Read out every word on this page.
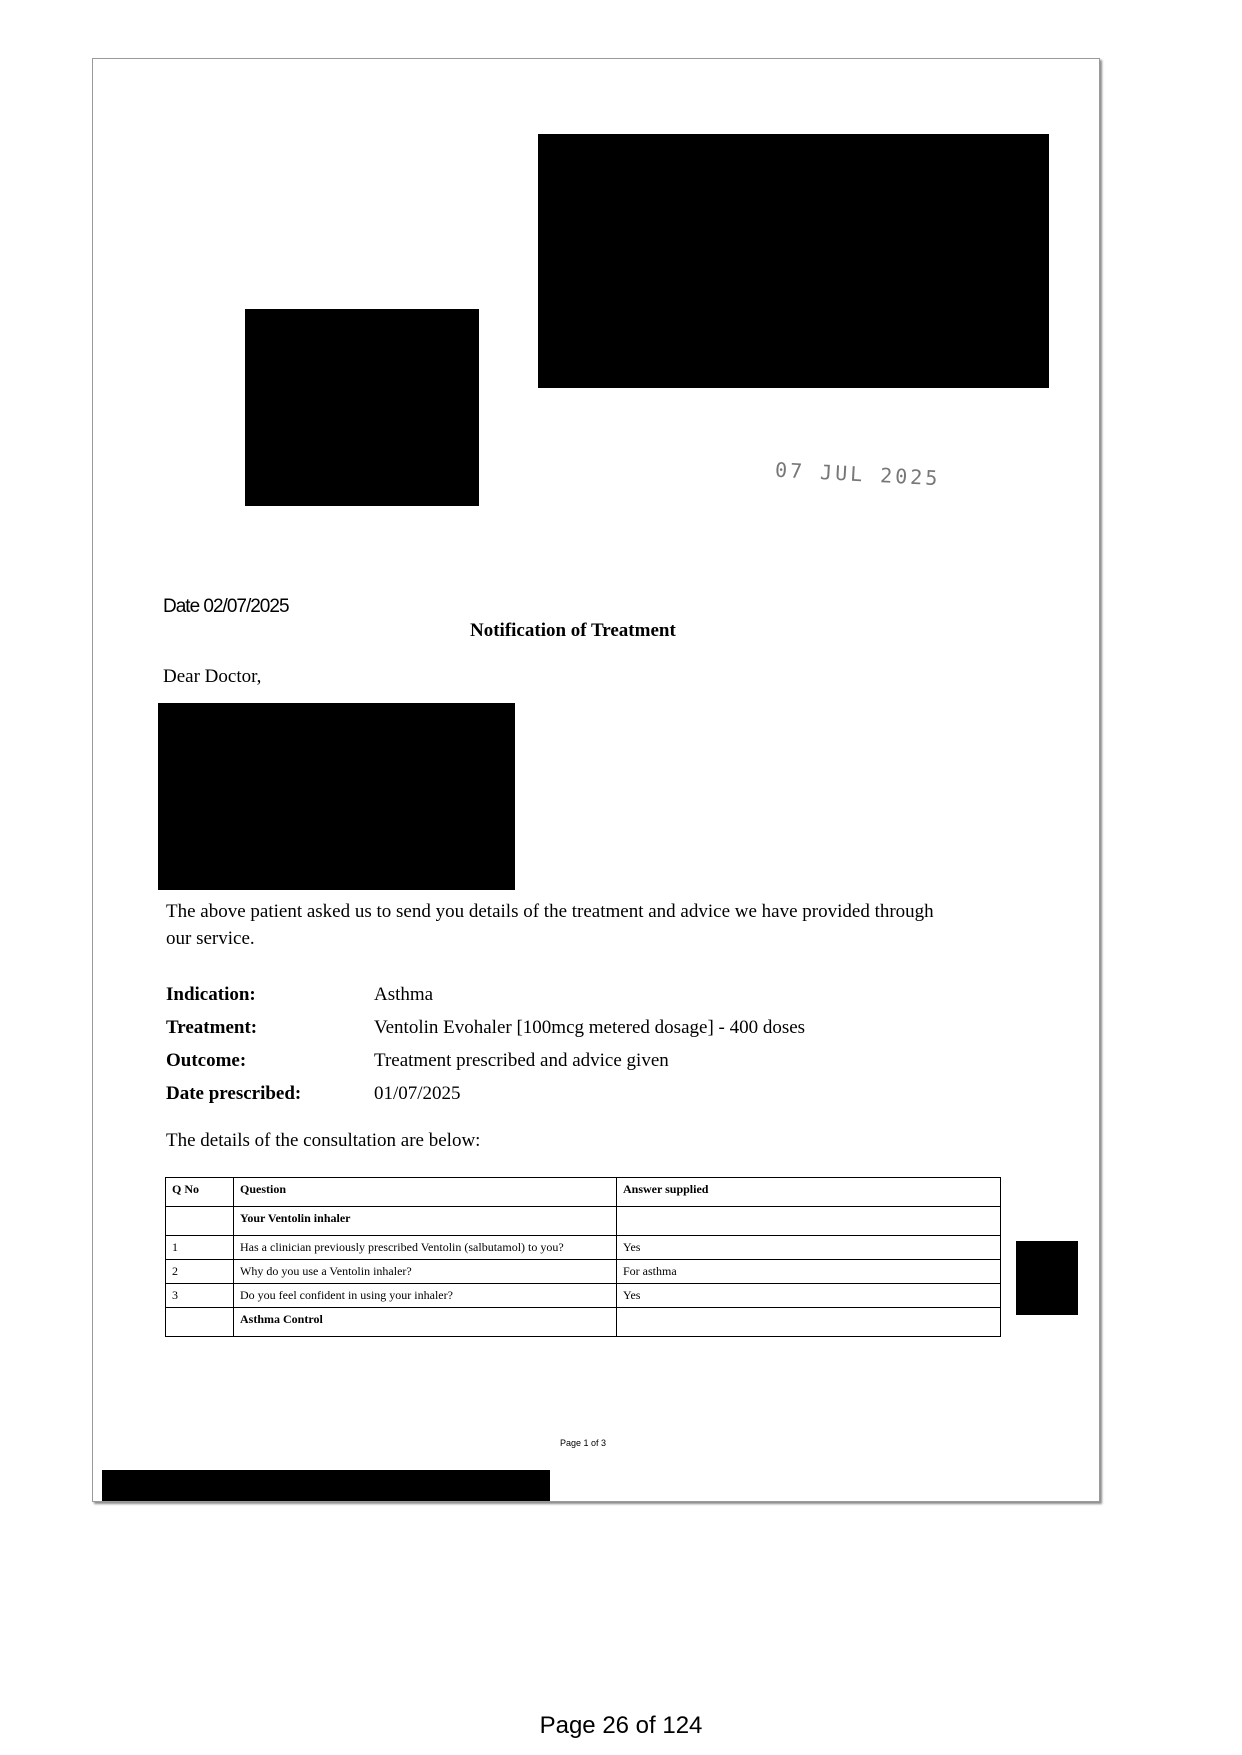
07 JUL 2025
Date 02/07/2025
Notification of Treatment
Dear Doctor,
The above patient asked us to send you details of the treatment and advice we have provided through our service.
Indication:	Asthma
Treatment:	Ventolin Evohaler [100mcg metered dosage] - 400 doses
Outcome:	Treatment prescribed and advice given
Date prescribed:	01/07/2025
The details of the consultation are below:
Q No	Question	Answer supplied
	Your Ventolin inhaler	
1	Has a clinician previously prescribed Ventolin (salbutamol) to you?	Yes
2	Why do you use a Ventolin inhaler?	For asthma
3	Do you feel confident in using your inhaler?	Yes
	Asthma Control	
Page 1 of 3
Page 26 of 124
